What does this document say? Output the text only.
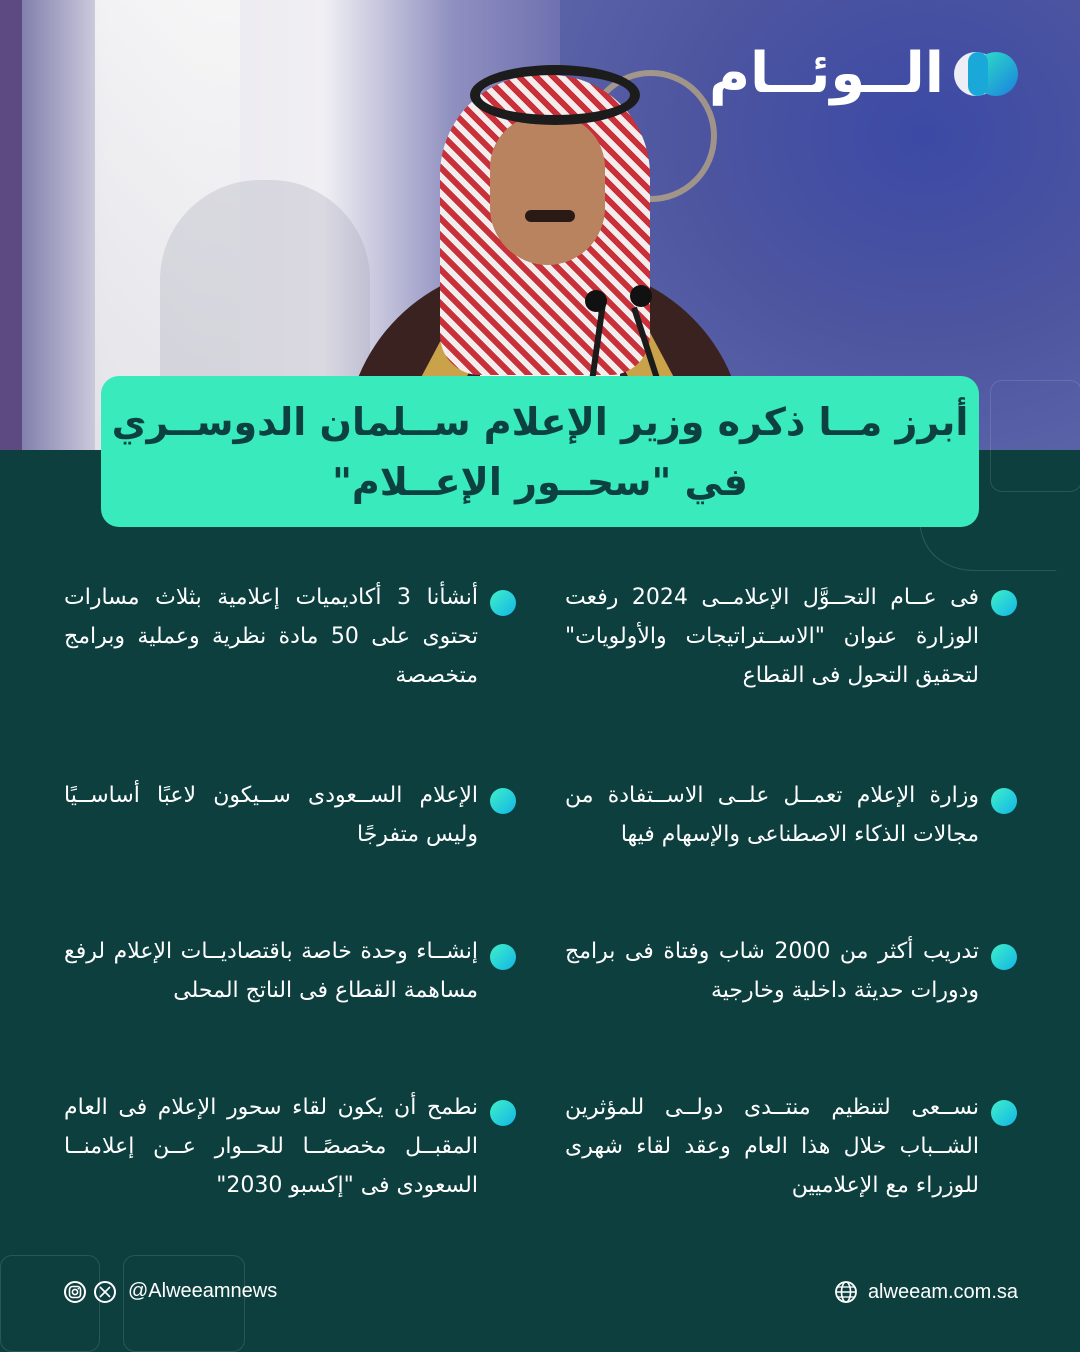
الــوئــام
أبرز مــا ذكره وزير الإعلام ســلمان الدوســري
في "سحــور الإعــلام"
فى عــام التحــوَّل الإعلامــى 2024 رفعت الوزارة عنوان "الاســتراتيجات والأولويات" لتحقيق التحول فى القطاع
وزارة الإعلام تعمــل علــى الاســتفادة من مجالات الذكاء الاصطناعى والإسهام فيها
تدريب أكثر من 2000 شاب وفتاة فى برامج ودورات حديثة داخلية وخارجية
نســعى لتنظيم منتــدى دولــى للمؤثرين الشــباب خلال هذا العام وعقد لقاء شهرى للوزراء مع الإعلاميين
أنشأنا 3 أكاديميات إعلامية بثلاث مسارات تحتوى على 50 مادة نظرية وعملية وبرامج متخصصة
الإعلام الســعودى ســيكون لاعبًا أساســيًا وليس متفرجًا
إنشــاء وحدة خاصة باقتصاديــات الإعلام لرفع مساهمة القطاع فى الناتج المحلى
نطمح أن يكون لقاء سحور الإعلام فى العام المقبــل مخصصًــا للحــوار عــن إعلامنــا السعودى فى "إكسبو 2030"
@Alweeamnews	alweeam.com.sa
